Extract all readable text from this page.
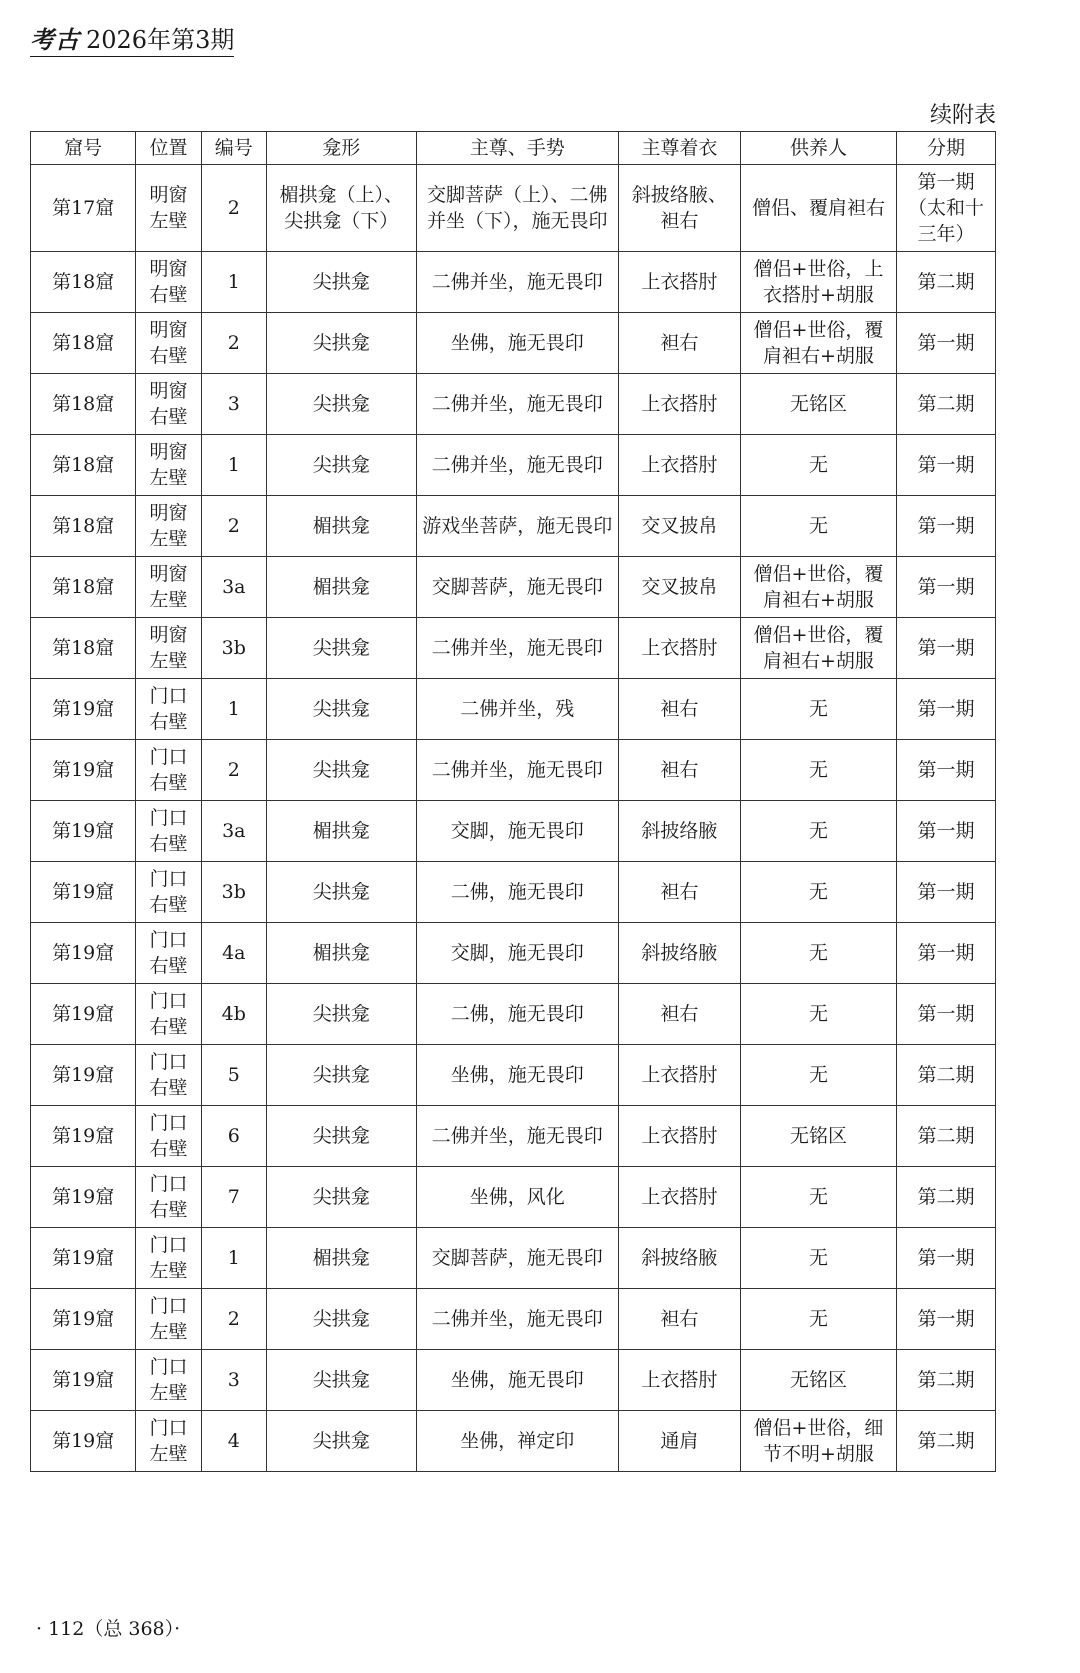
考古 2026年第3期
续附表
窟号	位置	编号	龛形	主尊、手势	主尊着衣	供养人	分期
第17窟	明窗左壁	2	楣拱龛（上）、尖拱龛（下）	交脚菩萨（上）、二佛并坐（下），施无畏印	斜披络腋、袒右	僧侣、覆肩袒右	第一期（太和十三年）
第18窟	明窗右壁	1	尖拱龛	二佛并坐，施无畏印	上衣搭肘	僧侣+世俗，上衣搭肘+胡服	第二期
第18窟	明窗右壁	2	尖拱龛	坐佛，施无畏印	袒右	僧侣+世俗，覆肩袒右+胡服	第一期
第18窟	明窗右壁	3	尖拱龛	二佛并坐，施无畏印	上衣搭肘	无铭区	第二期
第18窟	明窗左壁	1	尖拱龛	二佛并坐，施无畏印	上衣搭肘	无	第一期
第18窟	明窗左壁	2	楣拱龛	游戏坐菩萨，施无畏印	交叉披帛	无	第一期
第18窟	明窗左壁	3a	楣拱龛	交脚菩萨，施无畏印	交叉披帛	僧侣+世俗，覆肩袒右+胡服	第一期
第18窟	明窗左壁	3b	尖拱龛	二佛并坐，施无畏印	上衣搭肘	僧侣+世俗，覆肩袒右+胡服	第一期
第19窟	门口右壁	1	尖拱龛	二佛并坐，残	袒右	无	第一期
第19窟	门口右壁	2	尖拱龛	二佛并坐，施无畏印	袒右	无	第一期
第19窟	门口右壁	3a	楣拱龛	交脚，施无畏印	斜披络腋	无	第一期
第19窟	门口右壁	3b	尖拱龛	二佛，施无畏印	袒右	无	第一期
第19窟	门口右壁	4a	楣拱龛	交脚，施无畏印	斜披络腋	无	第一期
第19窟	门口右壁	4b	尖拱龛	二佛，施无畏印	袒右	无	第一期
第19窟	门口右壁	5	尖拱龛	坐佛，施无畏印	上衣搭肘	无	第二期
第19窟	门口右壁	6	尖拱龛	二佛并坐，施无畏印	上衣搭肘	无铭区	第二期
第19窟	门口右壁	7	尖拱龛	坐佛，风化	上衣搭肘	无	第二期
第19窟	门口左壁	1	楣拱龛	交脚菩萨，施无畏印	斜披络腋	无	第一期
第19窟	门口左壁	2	尖拱龛	二佛并坐，施无畏印	袒右	无	第一期
第19窟	门口左壁	3	尖拱龛	坐佛，施无畏印	上衣搭肘	无铭区	第二期
第19窟	门口左壁	4	尖拱龛	坐佛，禅定印	通肩	僧侣+世俗，细节不明+胡服	第二期
· 112（总 368）·
